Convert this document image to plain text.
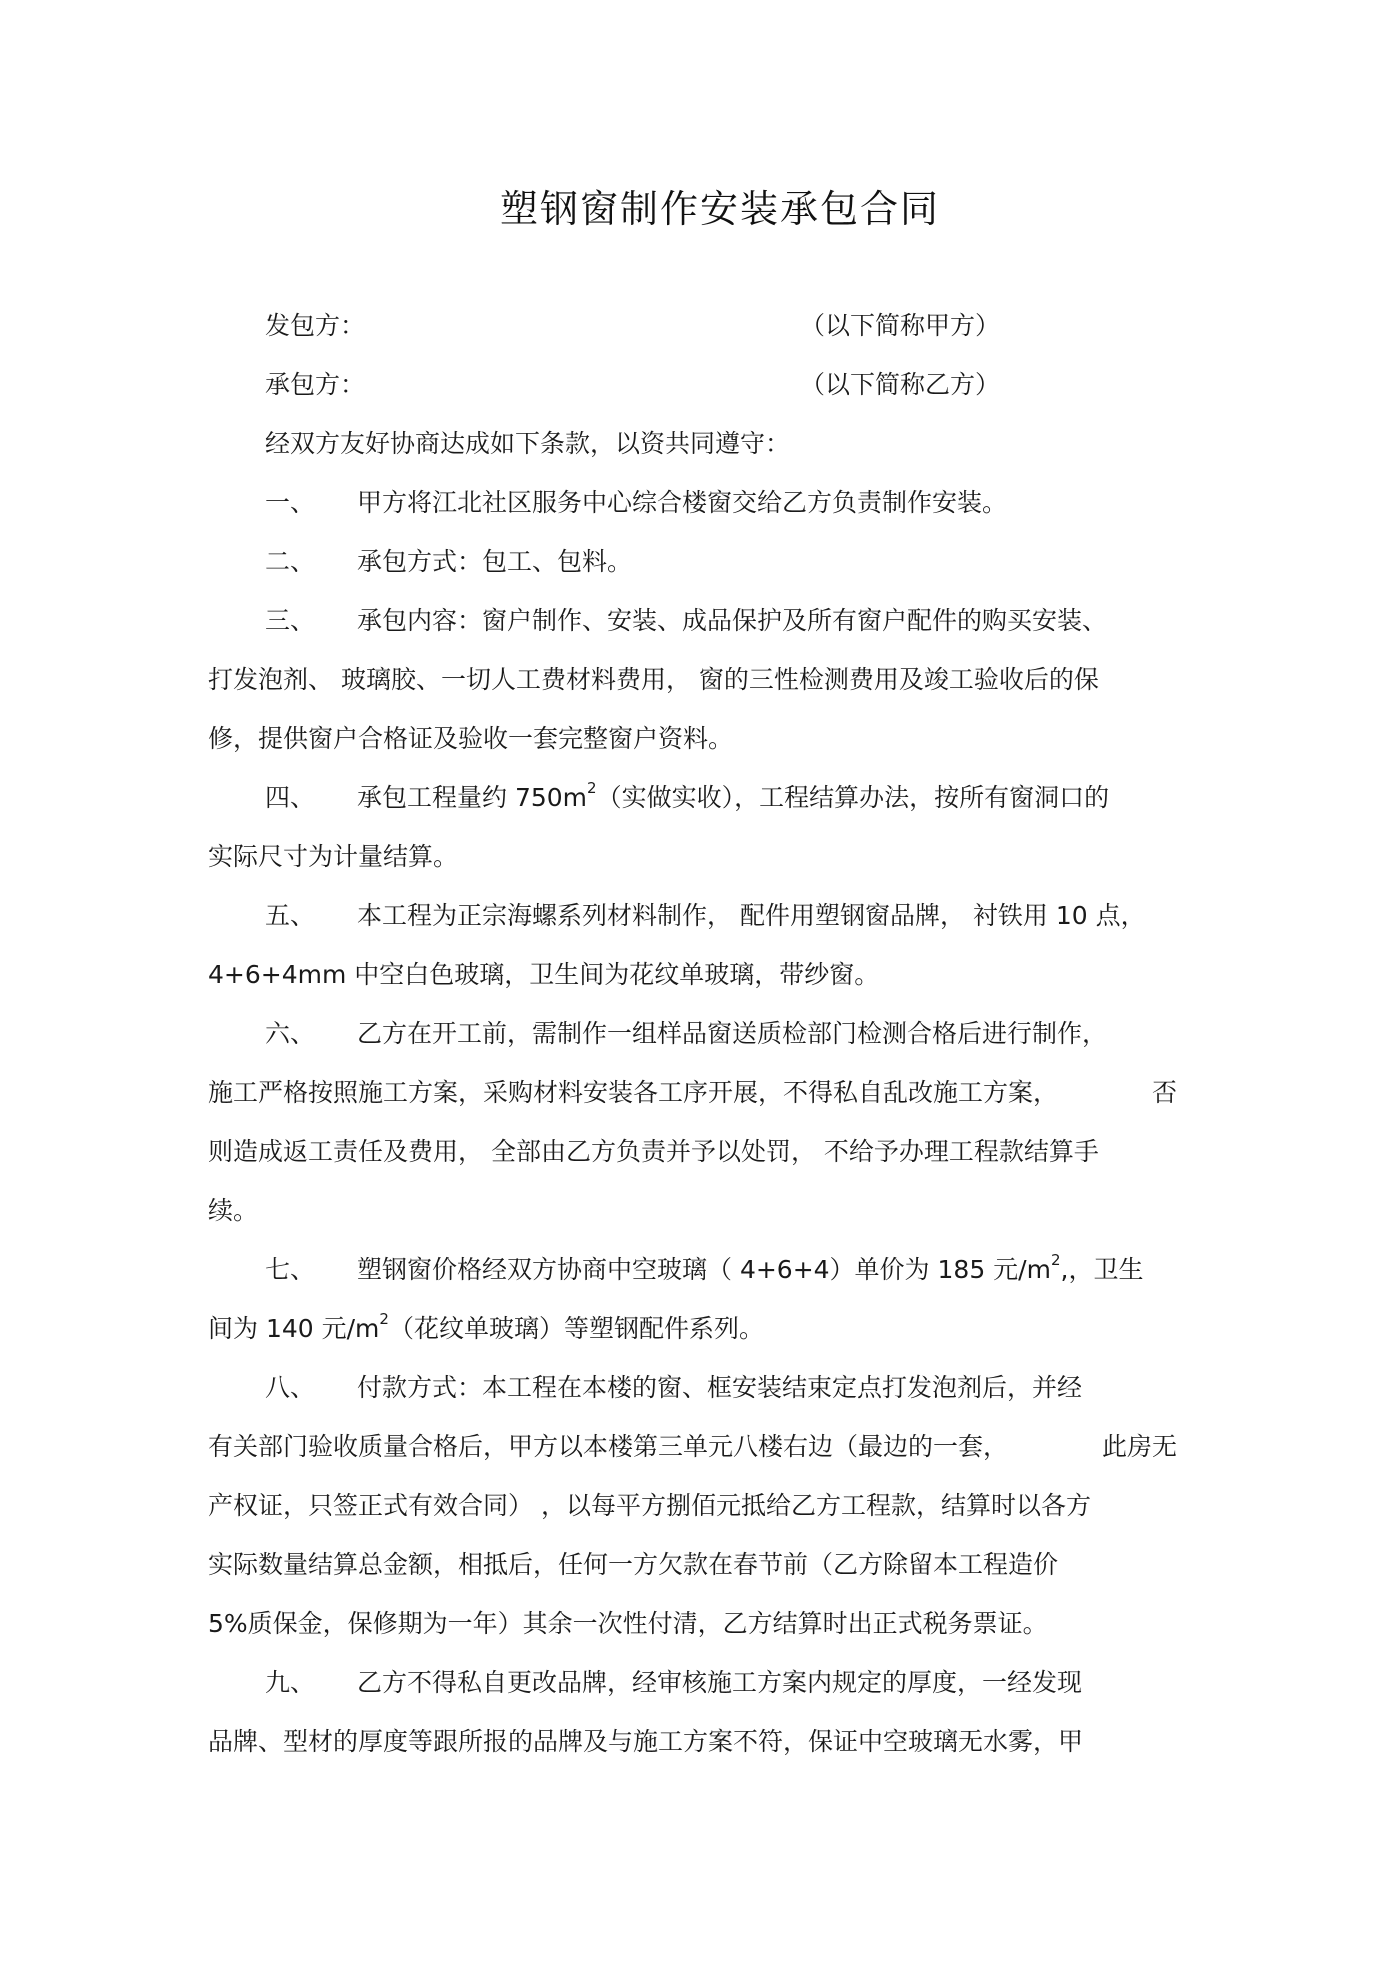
塑钢窗制作安装承包合同
发包方：	（以下简称甲方）
承包方：	（以下简称乙方）
经双方友好协商达成如下条款，以资共同遵守：
一、 甲方将江北社区服务中心综合楼窗交给乙方负责制作安装。
二、 承包方式：包工、包料。
三、 承包内容：窗户制作、安装、成品保护及所有窗户配件的购买安装、
打发泡剂、 玻璃胶、一切人工费材料费用， 窗的三性检测费用及竣工验收后的保
修，提供窗户合格证及验收一套完整窗户资料。
四、 承包工程量约 $750m^2$（实做实收），工程结算办法，按所有窗洞口的
实际尺寸为计量结算。
五、 本工程为正宗海螺系列材料制作， 配件用塑钢窗品牌， 衬铁用 10 点，
4+6+4mm 中空白色玻璃，卫生间为花纹单玻璃，带纱窗。
六、 乙方在开工前，需制作一组样品窗送质检部门检测合格后进行制作，
施工严格按照施工方案，采购材料安装各工序开展，不得私自乱改施工方案，	否
则造成返工责任及费用， 全部由乙方负责并予以处罚， 不给予办理工程款结算手
续。
七、 塑钢窗价格经双方协商中空玻璃（ 4+6+4）单价为 185 元$/m^2$,，卫生
间为 140 元$/m^2$（花纹单玻璃）等塑钢配件系列。
八、 付款方式：本工程在本楼的窗、框安装结束定点打发泡剂后，并经
有关部门验收质量合格后，甲方以本楼第三单元八楼右边（最边的一套，	此房无
产权证，只签正式有效合同） ，以每平方捌佰元抵给乙方工程款，结算时以各方
实际数量结算总金额，相抵后，任何一方欠款在春节前（乙方除留本工程造价
5%质保金，保修期为一年）其余一次性付清，乙方结算时出正式税务票证。
九、 乙方不得私自更改品牌，经审核施工方案内规定的厚度，一经发现
品牌、型材的厚度等跟所报的品牌及与施工方案不符，保证中空玻璃无水雾，甲
